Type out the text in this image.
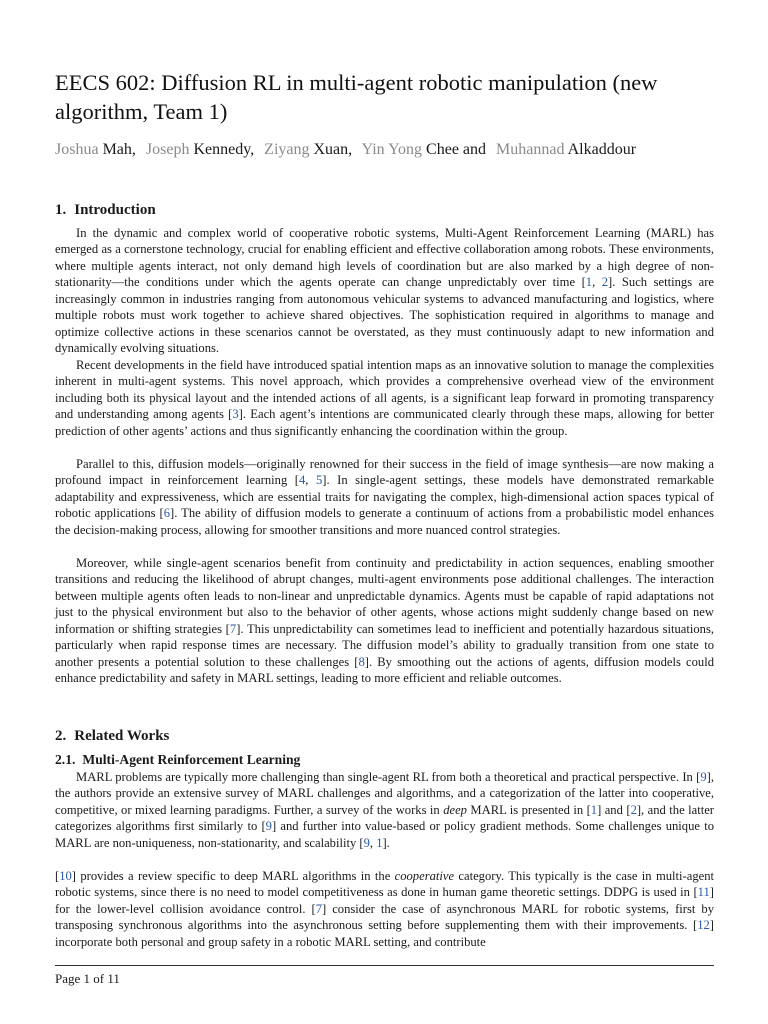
EECS 602: Diffusion RL in multi-agent robotic manipulation (new algorithm, Team 1)
Joshua Mah, Joseph Kennedy, Ziyang Xuan, Yin Yong Chee and Muhannad Alkaddour
1. Introduction

In the dynamic and complex world of cooperative robotic systems, Multi-Agent Reinforcement Learning (MARL) has emerged as a cornerstone technology, crucial for enabling efficient and effective collaboration among robots. These environments, where multiple agents interact, not only demand high levels of coordination but are also marked by a high degree of non-stationarity—the conditions under which the agents operate can change unpredictably over time [1, 2]. Such settings are increasingly common in industries ranging from autonomous vehicular systems to advanced manufacturing and logistics, where multiple robots must work together to achieve shared objectives. The sophistication required in algorithms to manage and optimize collective actions in these scenarios cannot be overstated, as they must continuously adapt to new information and dynamically evolving situations.

Recent developments in the field have introduced spatial intention maps as an innovative solution to manage the complexities inherent in multi-agent systems. This novel approach, which provides a comprehensive overhead view of the environment including both its physical layout and the intended actions of all agents, is a significant leap forward in promoting transparency and understanding among agents [3]. Each agent’s intentions are communicated clearly through these maps, allowing for better prediction of other agents’ actions and thus significantly enhancing the coordination within the group.

Parallel to this, diffusion models—originally renowned for their success in the field of image synthesis—are now making a profound impact in reinforcement learning [4, 5]. In single-agent settings, these models have demonstrated remarkable adaptability and expressiveness, which are essential traits for navigating the complex, high-dimensional action spaces typical of robotic applications [6]. The ability of diffusion models to generate a continuum of actions from a probabilistic model enhances the decision-making process, allowing for smoother transitions and more nuanced control strategies.

Moreover, while single-agent scenarios benefit from continuity and predictability in action sequences, enabling smoother transitions and reducing the likelihood of abrupt changes, multi-agent environments pose additional challenges. The interaction between multiple agents often leads to non-linear and unpredictable dynamics. Agents must be capable of rapid adaptations not just to the physical environment but also to the behavior of other agents, whose actions might suddenly change based on new information or shifting strategies [7]. This unpredictability can sometimes lead to inefficient and potentially hazardous situations, particularly when rapid response times are necessary. The diffusion model’s ability to gradually transition from one state to another presents a potential solution to these challenges [8]. By smoothing out the actions of agents, diffusion models could enhance predictability and safety in MARL settings, leading to more efficient and reliable outcomes.

2. Related Works
2.1. Multi-Agent Reinforcement Learning

MARL problems are typically more challenging than single-agent RL from both a theoretical and practical perspective. In [9], the authors provide an extensive survey of MARL challenges and algorithms, and a categorization of the latter into cooperative, competitive, or mixed learning paradigms. Further, a survey of the works in deep MARL is presented in [1] and [2], and the latter categorizes algorithms first similarly to [9] and further into value-based or policy gradient methods. Some challenges unique to MARL are non-uniqueness, non-stationarity, and scalability [9, 1].

[10] provides a review specific to deep MARL algorithms in the cooperative category. This typically is the case in multi-agent robotic systems, since there is no need to model competitiveness as done in human game theoretic settings. DDPG is used in [11] for the lower-level collision avoidance control. [7] consider the case of asynchronous MARL for robotic systems, first by transposing synchronous algorithms into the asynchronous setting before supplementing them with their improvements. [12] incorporate both personal and group safety in a robotic MARL setting, and contribute

Page 1 of 11
